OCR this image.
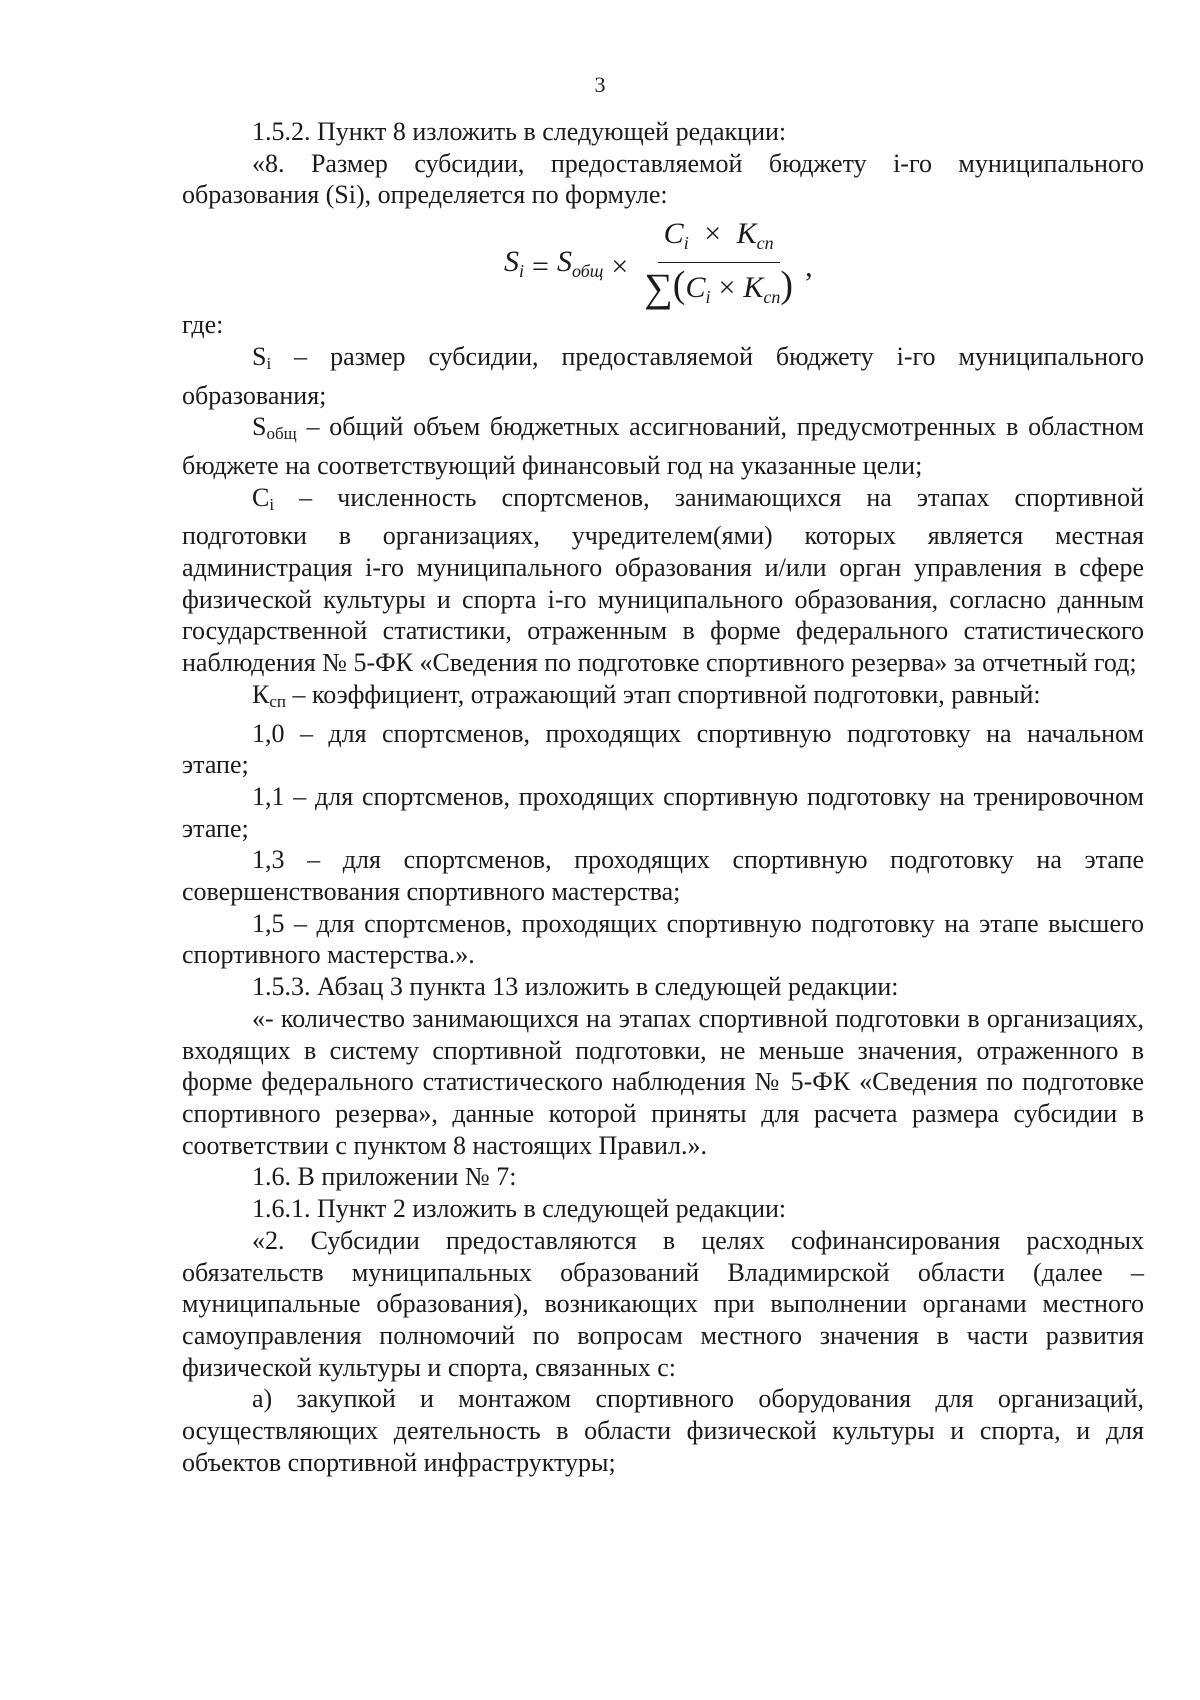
3

1.5.2. Пункт 8 изложить в следующей редакции:

«8. Размер субсидии, предоставляемой бюджету i-го муниципального образования (Si), определяется по формуле:

$S_i = S_{общ} \times \frac{C_i \times K_{сп}}{\sum(C_i \times K_{сп})}$ ,

где:

$S_i$ – размер субсидии, предоставляемой бюджету i-го муниципального образования;

$S_{общ}$ – общий объем бюджетных ассигнований, предусмотренных в областном бюджете на соответствующий финансовый год на указанные цели;

$C_i$ – численность спортсменов, занимающихся на этапах спортивной подготовки в организациях, учредителем(ями) которых является местная администрация i-го муниципального образования и/или орган управления в сфере физической культуры и спорта i-го муниципального образования, согласно данным государственной статистики, отраженным в форме федерального статистического наблюдения № 5-ФК «Сведения по подготовке спортивного резерва» за отчетный год;

$К_{сп}$ – коэффициент, отражающий этап спортивной подготовки, равный:

1,0 – для спортсменов, проходящих спортивную подготовку на начальном этапе;

1,1 – для спортсменов, проходящих спортивную подготовку на тренировочном этапе;

1,3 – для спортсменов, проходящих спортивную подготовку на этапе совершенствования спортивного мастерства;

1,5 – для спортсменов, проходящих спортивную подготовку на этапе высшего спортивного мастерства.».

1.5.3. Абзац 3 пункта 13 изложить в следующей редакции:

«- количество занимающихся на этапах спортивной подготовки в организациях, входящих в систему спортивной подготовки, не меньше значения, отраженного в форме федерального статистического наблюдения № 5-ФК «Сведения по подготовке спортивного резерва», данные которой приняты для расчета размера субсидии в соответствии с пунктом 8 настоящих Правил.».

1.6. В приложении № 7:

1.6.1. Пункт 2 изложить в следующей редакции:

«2. Субсидии предоставляются в целях софинансирования расходных обязательств муниципальных образований Владимирской области (далее – муниципальные образования), возникающих при выполнении органами местного самоуправления полномочий по вопросам местного значения в части развития физической культуры и спорта, связанных с:

а) закупкой и монтажом спортивного оборудования для организаций, осуществляющих деятельность в области физической культуры и спорта, и для объектов спортивной инфраструктуры;
